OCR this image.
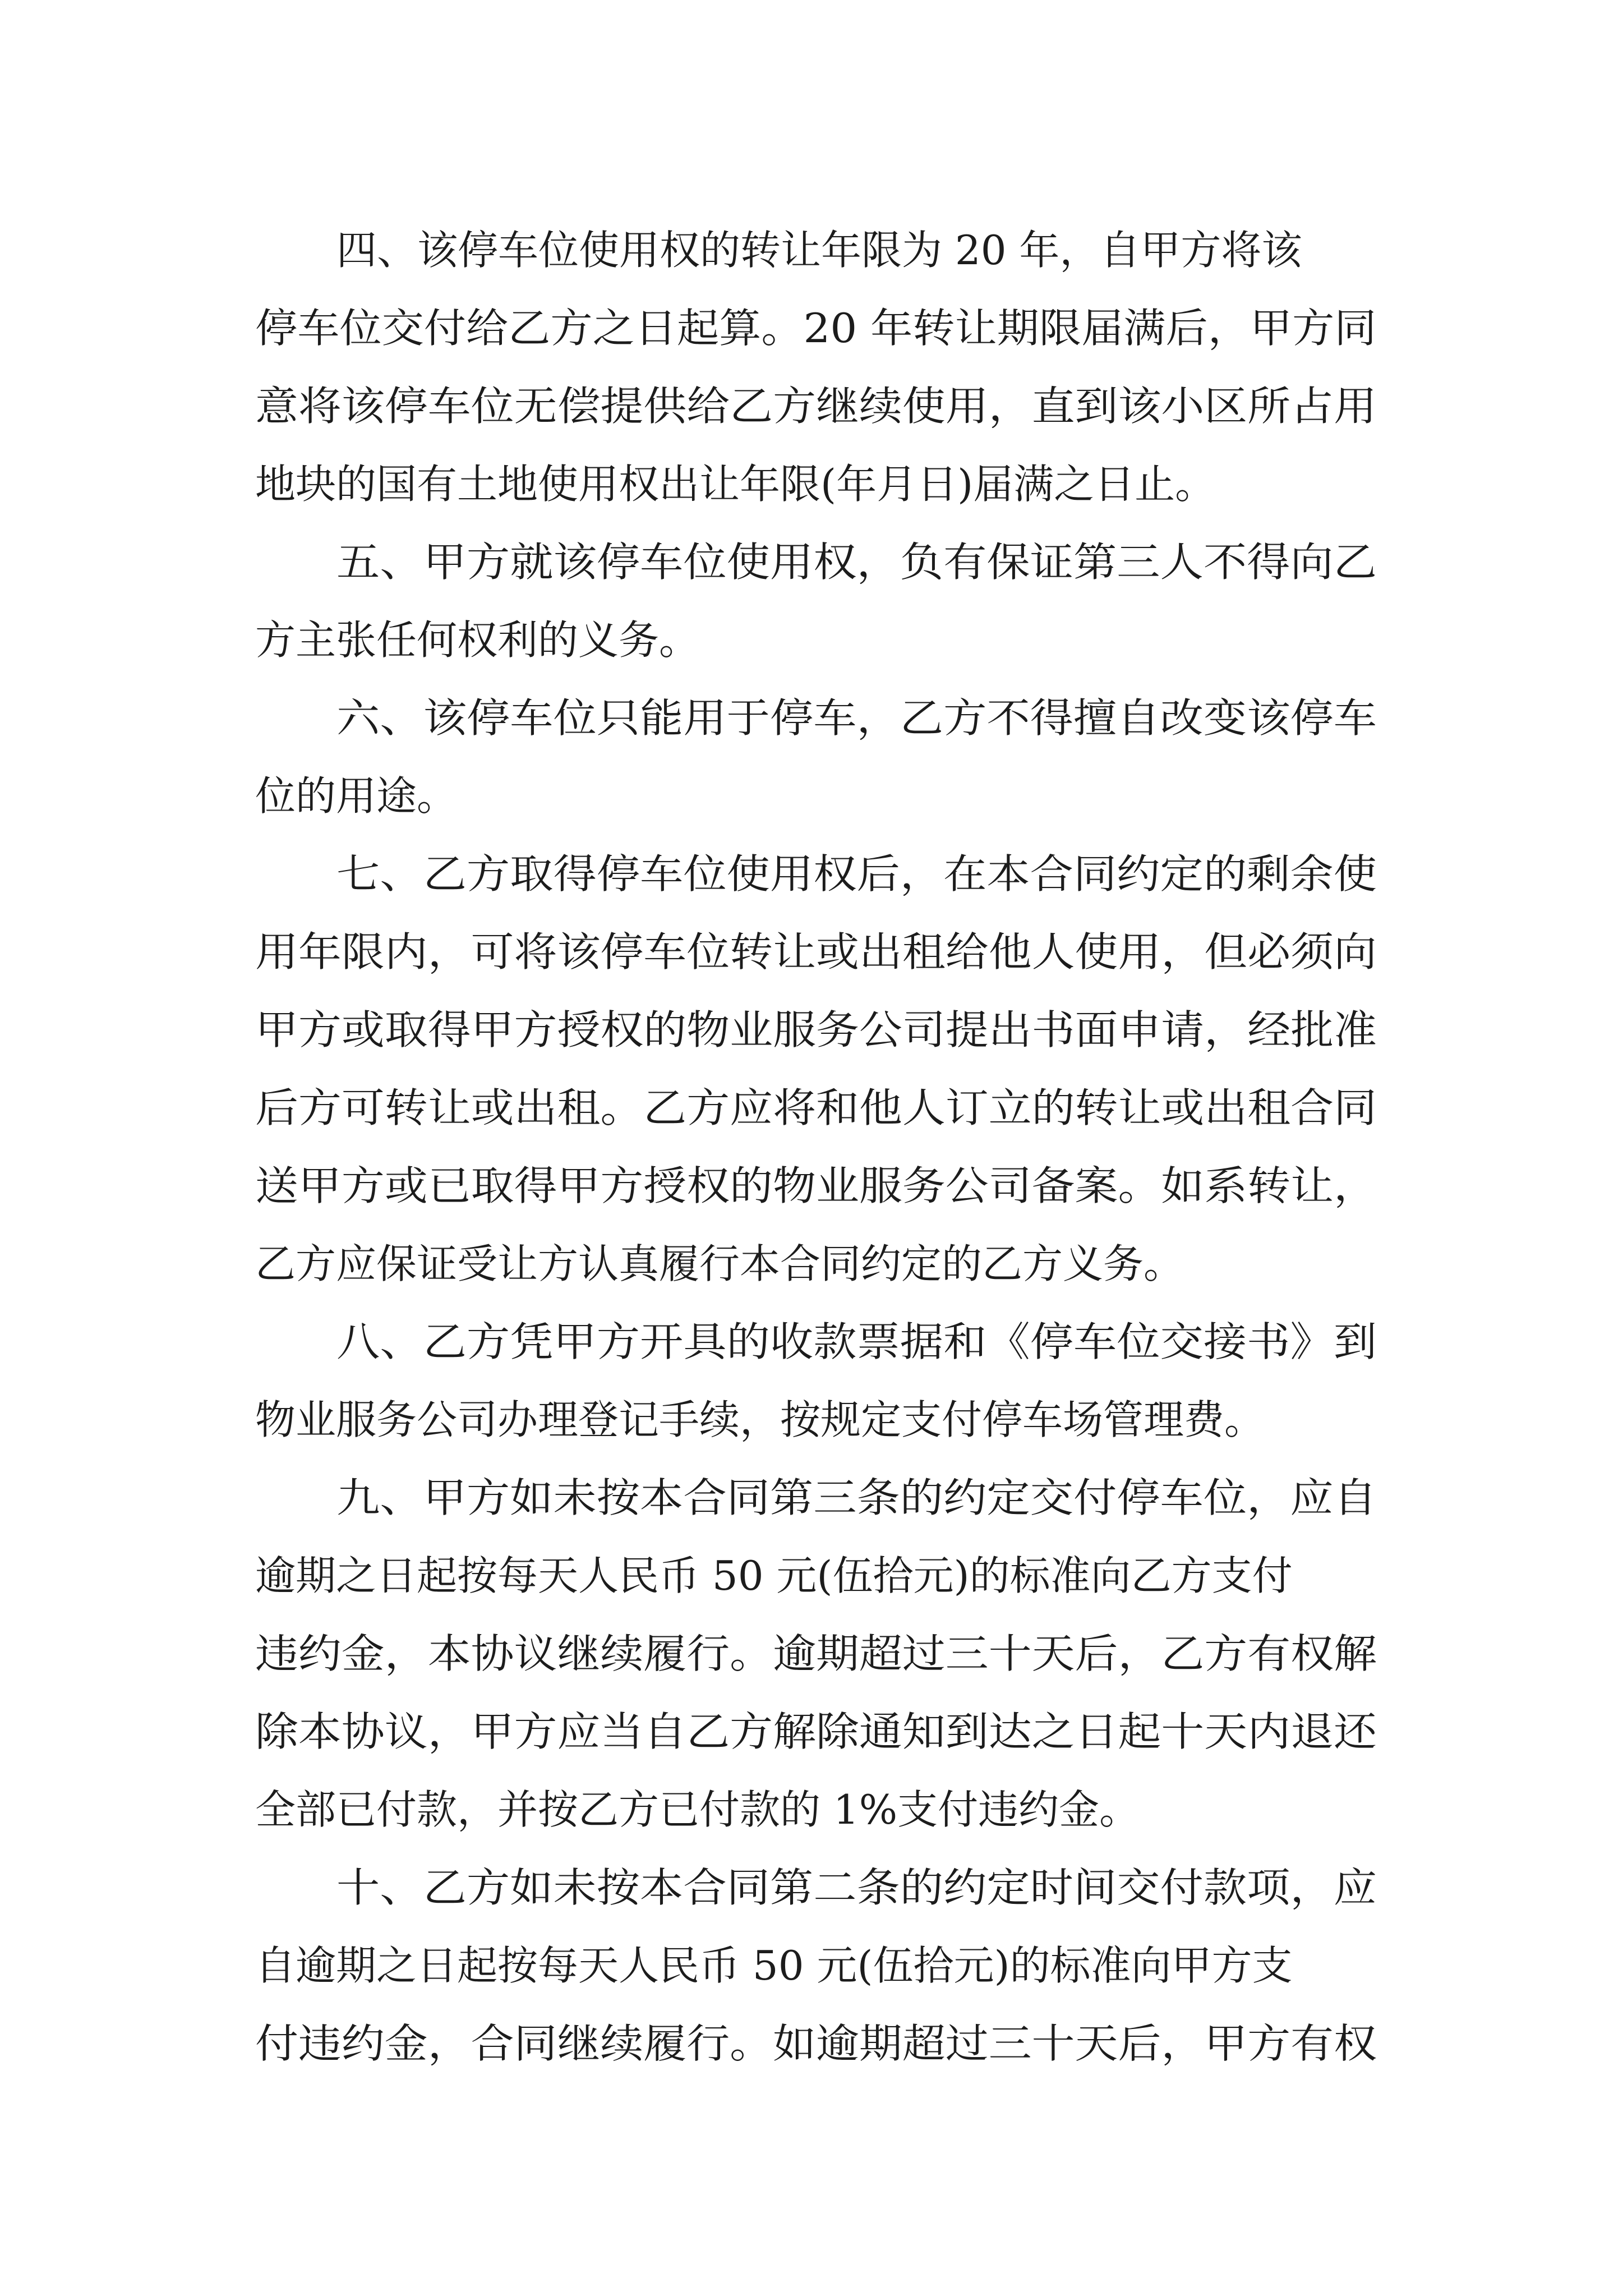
四、该停车位使用权的转让年限为 20 年，自甲方将该

停车位交付给乙方之日起算。20 年转让期限届满后，甲方同

意将该停车位无偿提供给乙方继续使用，直到该小区所占用

地块的国有土地使用权出让年限(年月日)届满之日止。

五、甲方就该停车位使用权，负有保证第三人不得向乙

方主张任何权利的义务。

六、该停车位只能用于停车，乙方不得擅自改变该停车

位的用途。

七、乙方取得停车位使用权后，在本合同约定的剩余使

用年限内，可将该停车位转让或出租给他人使用，但必须向

甲方或取得甲方授权的物业服务公司提出书面申请，经批准

后方可转让或出租。乙方应将和他人订立的转让或出租合同

送甲方或已取得甲方授权的物业服务公司备案。如系转让，

乙方应保证受让方认真履行本合同约定的乙方义务。

八、乙方凭甲方开具的收款票据和《停车位交接书》到

物业服务公司办理登记手续，按规定支付停车场管理费。

九、甲方如未按本合同第三条的约定交付停车位，应自

逾期之日起按每天人民币 50 元(伍拾元)的标准向乙方支付

违约金，本协议继续履行。逾期超过三十天后，乙方有权解

除本协议，甲方应当自乙方解除通知到达之日起十天内退还

全部已付款，并按乙方已付款的 1%支付违约金。

十、乙方如未按本合同第二条的约定时间交付款项，应

自逾期之日起按每天人民币 50 元(伍拾元)的标准向甲方支

付违约金，合同继续履行。如逾期超过三十天后，甲方有权
